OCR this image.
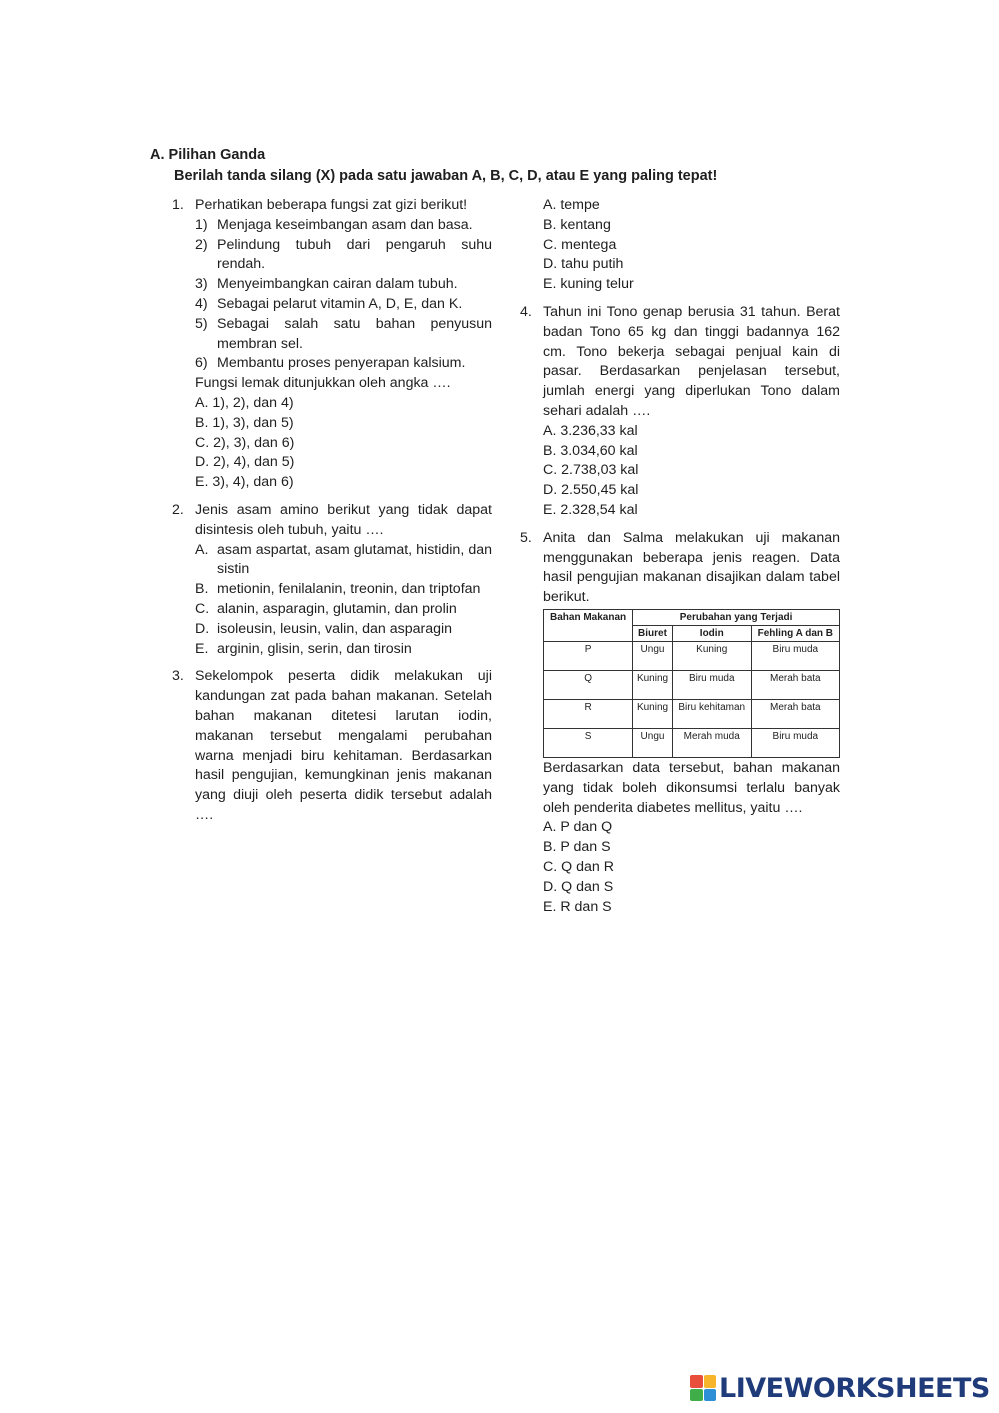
A. Pilihan Ganda
Berilah tanda silang (X) pada satu jawaban A, B, C, D, atau E yang paling tepat!
1. Perhatikan beberapa fungsi zat gizi berikut!
1) Menjaga keseimbangan asam dan basa.
2) Pelindung tubuh dari pengaruh suhu rendah.
3) Menyeimbangkan cairan dalam tubuh.
4) Sebagai pelarut vitamin A, D, E, dan K.
5) Sebagai salah satu bahan penyusun membran sel.
6) Membantu proses penyerapan kalsium.
Fungsi lemak ditunjukkan oleh angka ….
A. 1), 2), dan 4)
B. 1), 3), dan 5)
C. 2), 3), dan 6)
D. 2), 4), dan 5)
E. 3), 4), dan 6)
2. Jenis asam amino berikut yang tidak dapat disintesis oleh tubuh, yaitu ….
A. asam aspartat, asam glutamat, histidin, dan sistin
B. metionin, fenilalanin, treonin, dan triptofan
C. alanin, asparagin, glutamin, dan prolin
D. isoleusin, leusin, valin, dan asparagin
E. arginin, glisin, serin, dan tirosin
3. Sekelompok peserta didik melakukan uji kandungan zat pada bahan makanan. Setelah bahan makanan ditetesi larutan iodin, makanan tersebut mengalami perubahan warna menjadi biru kehitaman. Berdasarkan hasil pengujian, kemungkinan jenis makanan yang diuji oleh peserta didik tersebut adalah ….
A. tempe
B. kentang
C. mentega
D. tahu putih
E. kuning telur
4. Tahun ini Tono genap berusia 31 tahun. Berat badan Tono 65 kg dan tinggi badannya 162 cm. Tono bekerja sebagai penjual kain di pasar. Berdasarkan penjelasan tersebut, jumlah energi yang diperlukan Tono dalam sehari adalah ….
A. 3.236,33 kal
B. 3.034,60 kal
C. 2.738,03 kal
D. 2.550,45 kal
E. 2.328,54 kal
5. Anita dan Salma melakukan uji makanan menggunakan beberapa jenis reagen. Data hasil pengujian makanan disajikan dalam tabel berikut.
Bahan Makanan	Perubahan yang Terjadi		
	Biuret	Iodin	Fehling A dan B
P	Ungu	Kuning	Biru muda
Q	Kuning	Biru muda	Merah bata
R	Kuning	Biru kehitaman	Merah bata
S	Ungu	Merah muda	Biru muda
Berdasarkan data tersebut, bahan makanan yang tidak boleh dikonsumsi terlalu banyak oleh penderita diabetes mellitus, yaitu ….
A. P dan Q
B. P dan S
C. Q dan R
D. Q dan S
E. R dan S
LIVEWORKSHEETS
